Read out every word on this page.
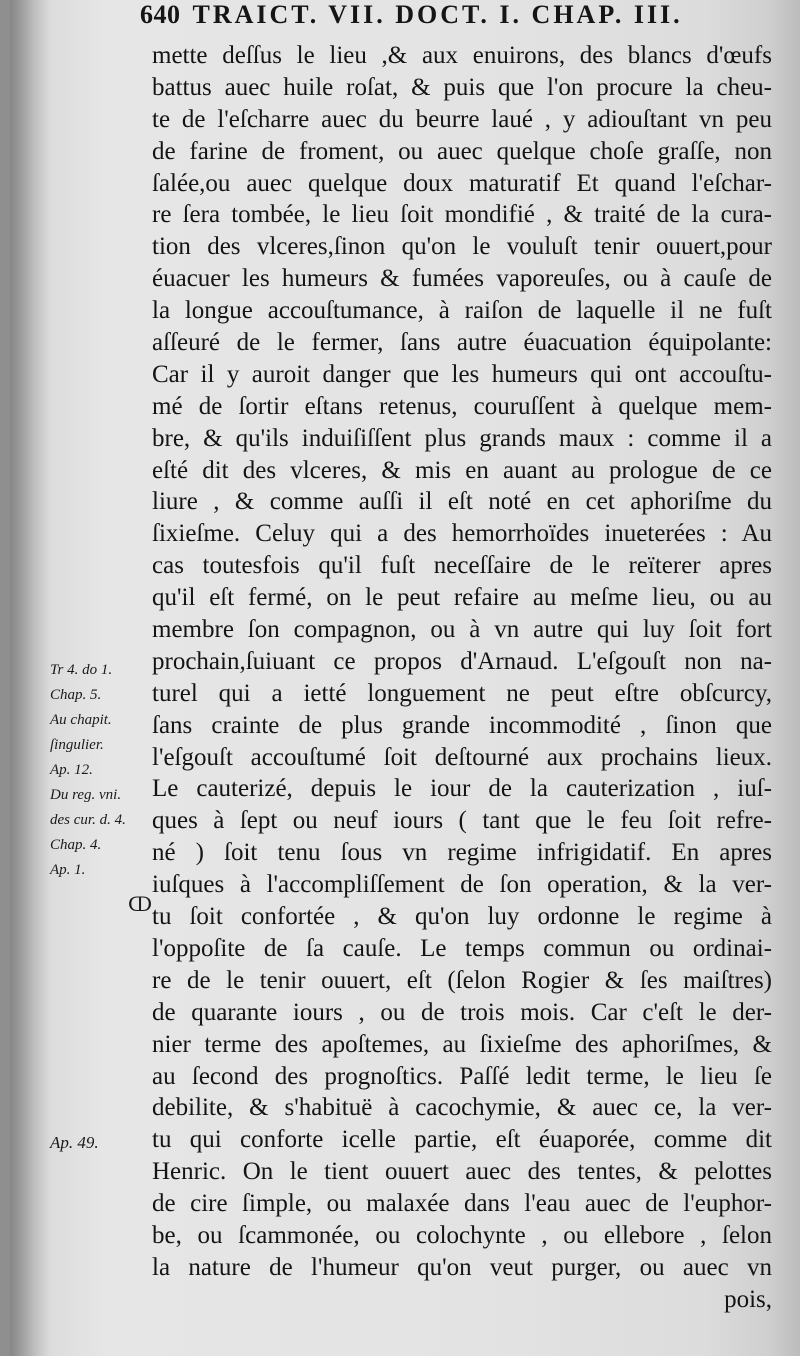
640 TRAICT. VII. DOCT. I. CHAP. III.
Tr 4. do 1.
Chap. 5.
Au chapit.
ſingulier.
Ap. 12.
Du reg. vni.
des cur. d. 4.
Chap. 4.
Ap. 1.
Ap. 49.
ↀ
mette deſſus le lieu ,& aux enuirons, des blancs d'œufs
battus auec huile roſat, & puis que l'on procure la cheu-
te de l'eſcharre auec du beurre laué , y adiouſtant vn peu
de farine de froment, ou auec quelque choſe graſſe, non
ſalée,ou auec quelque doux maturatif Et quand l'eſchar-
re ſera tombée, le lieu ſoit mondifié , & traité de la cura-
tion des vlceres,ſinon qu'on le vouluſt tenir ouuert,pour
éuacuer les humeurs & fumées vaporeuſes, ou à cauſe de
la longue accouſtumance, à raiſon de laquelle il ne fuſt
aſſeuré de le fermer, ſans autre éuacuation équipolante:
Car il y auroit danger que les humeurs qui ont accouſtu-
mé de ſortir eſtans retenus, couruſſent à quelque mem-
bre, & qu'ils induiſiſſent plus grands maux : comme il a
eſté dit des vlceres, & mis en auant au prologue de ce
liure , & comme auſſi il eſt noté en cet aphoriſme du
ſixieſme. Celuy qui a des hemorrhoïdes inueterées : Au
cas toutesfois qu'il fuſt neceſſaire de le reïterer apres
qu'il eſt fermé, on le peut refaire au meſme lieu, ou au
membre ſon compagnon, ou à vn autre qui luy ſoit fort
prochain,ſuiuant ce propos d'Arnaud. L'eſgouſt non na-
turel qui a ietté longuement ne peut eſtre obſcurcy,
ſans crainte de plus grande incommodité , ſinon que
l'eſgouſt accouſtumé ſoit deſtourné aux prochains lieux.
Le cauterizé, depuis le iour de la cauterization , iuſ-
ques à ſept ou neuf iours ( tant que le feu ſoit refre-
né ) ſoit tenu ſous vn regime infrigidatif. En apres
iuſques à l'accompliſſement de ſon operation, & la ver-
tu ſoit confortée , & qu'on luy ordonne le regime à
l'oppoſite de ſa cauſe. Le temps commun ou ordinai-
re de le tenir ouuert, eſt (ſelon Rogier & ſes maiſtres)
de quarante iours , ou de trois mois. Car c'eſt le der-
nier terme des apoſtemes, au ſixieſme des aphoriſmes, &
au ſecond des prognoſtics. Paſſé ledit terme, le lieu ſe
debilite, & s'habituë à cacochymie, & auec ce, la ver-
tu qui conforte icelle partie, eſt éuaporée, comme dit
Henric. On le tient ouuert auec des tentes, & pelottes
de cire ſimple, ou malaxée dans l'eau auec de l'euphor-
be, ou ſcammonée, ou colochynte , ou ellebore , ſelon
la nature de l'humeur qu'on veut purger, ou auec vn
pois,
